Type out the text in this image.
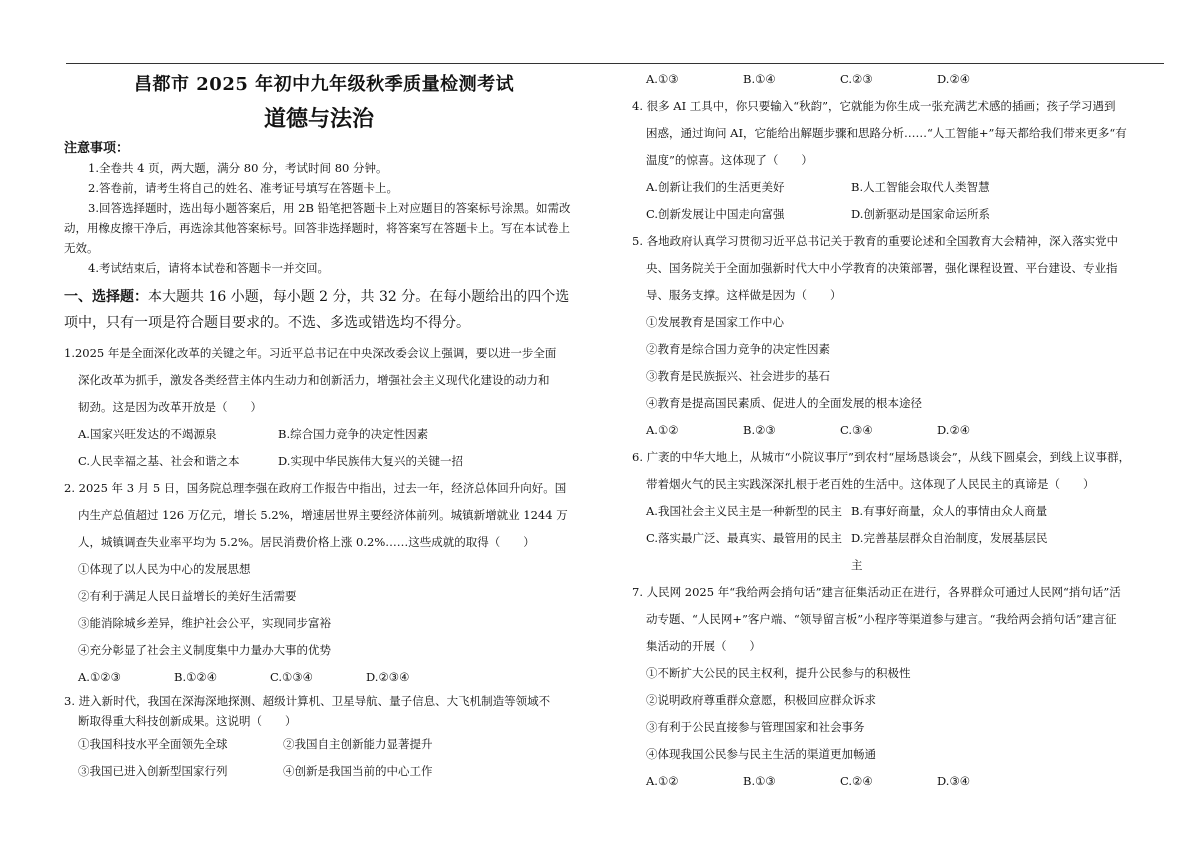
昌都市 2025 年初中九年级秋季质量检测考试
道德与法治
注意事项：

1.全卷共 4 页，两大题，满分 80 分，考试时间 80 分钟。

2.答卷前，请考生将自己的姓名、准考证号填写在答题卡上。

3.回答选择题时，选出每小题答案后，用 2B 铅笔把答题卡上对应题目的答案标号涂黑。如需改动，用橡皮擦干净后，再选涂其他答案标号。回答非选择题时，将答案写在答题卡上。写在本试卷上无效。

4.考试结束后，请将本试卷和答题卡一并交回。

一、选择题：本大题共 16 小题，每小题 2 分，共 32 分。在每小题给出的四个选项中，只有一项是符合题目要求的。不选、多选或错选均不得分。
1.2025 年是全面深化改革的关键之年。习近平总书记在中央深改委会议上强调，要以进一步全面
深化改革为抓手，激发各类经营主体内生动力和创新活力，增强社会主义现代化建设的动力和
韧劲。这是因为改革开放是（　　）
A.国家兴旺发达的不竭源泉	B.综合国力竞争的决定性因素
C.人民幸福之基、社会和谐之本	D.实现中华民族伟大复兴的关键一招
2. 2025 年 3 月 5 日，国务院总理李强在政府工作报告中指出，过去一年，经济总体回升向好。国
内生产总值超过 126 万亿元，增长 5.2%，增速居世界主要经济体前列。城镇新增就业 1244 万
人，城镇调查失业率平均为 5.2%。居民消费价格上涨 0.2%……这些成就的取得（　　）

①体现了以人民为中心的发展思想

②有利于满足人民日益增长的美好生活需要

③能消除城乡差异，维护社会公平，实现同步富裕

④充分彰显了社会主义制度集中力量办大事的优势

A.①②③	B.①②④	C.①③④	D.②③④
3. 进入新时代，我国在深海深地探测、超级计算机、卫星导航、量子信息、大飞机制造等领域不
断取得重大科技创新成果。这说明（　　）
①我国科技水平全面领先全球	②我国自主创新能力显著提升
③我国已进入创新型国家行列	④创新是我国当前的中心工作
A.①③	B.①④	C.②③	D.②④
4. 很多 AI 工具中，你只要输入“秋韵”，它就能为你生成一张充满艺术感的插画；孩子学习遇到
困惑，通过询问 AI，它能给出解题步骤和思路分析……“人工智能+”每天都给我们带来更多“有
温度”的惊喜。这体现了（　　）
A.创新让我们的生活更美好	B.人工智能会取代人类智慧
C.创新发展让中国走向富强	D.创新驱动是国家命运所系
5. 各地政府认真学习贯彻习近平总书记关于教育的重要论述和全国教育大会精神，深入落实党中
央、国务院关于全面加强新时代大中小学教育的决策部署，强化课程设置、平台建设、专业指
导、服务支撑。这样做是因为（　　）

①发展教育是国家工作中心

②教育是综合国力竞争的决定性因素

③教育是民族振兴、社会进步的基石

④教育是提高国民素质、促进人的全面发展的根本途径

A.①②	B.②③	C.③④	D.②④
6. 广袤的中华大地上，从城市“小院议事厅”到农村“屋场恳谈会”，从线下圆桌会，到线上议事群，
带着烟火气的民主实践深深扎根于老百姓的生活中。这体现了人民民主的真谛是（　　）
A.我国社会主义民主是一种新型的民主 B.有事好商量，众人的事情由众人商量
C.落实最广泛、最真实、最管用的民主 D.完善基层群众自治制度，发展基层民主
7. 人民网 2025 年“我给两会捎句话”建言征集活动正在进行，各界群众可通过人民网“捎句话”活
动专题、“人民网+”客户端、“领导留言板”小程序等渠道参与建言。“我给两会捎句话”建言征
集活动的开展（　　）

①不断扩大公民的民主权利，提升公民参与的积极性

②说明政府尊重群众意愿，积极回应群众诉求

③有利于公民直接参与管理国家和社会事务

④体现我国公民参与民主生活的渠道更加畅通

A.①②	B.①③	C.②④	D.③④
